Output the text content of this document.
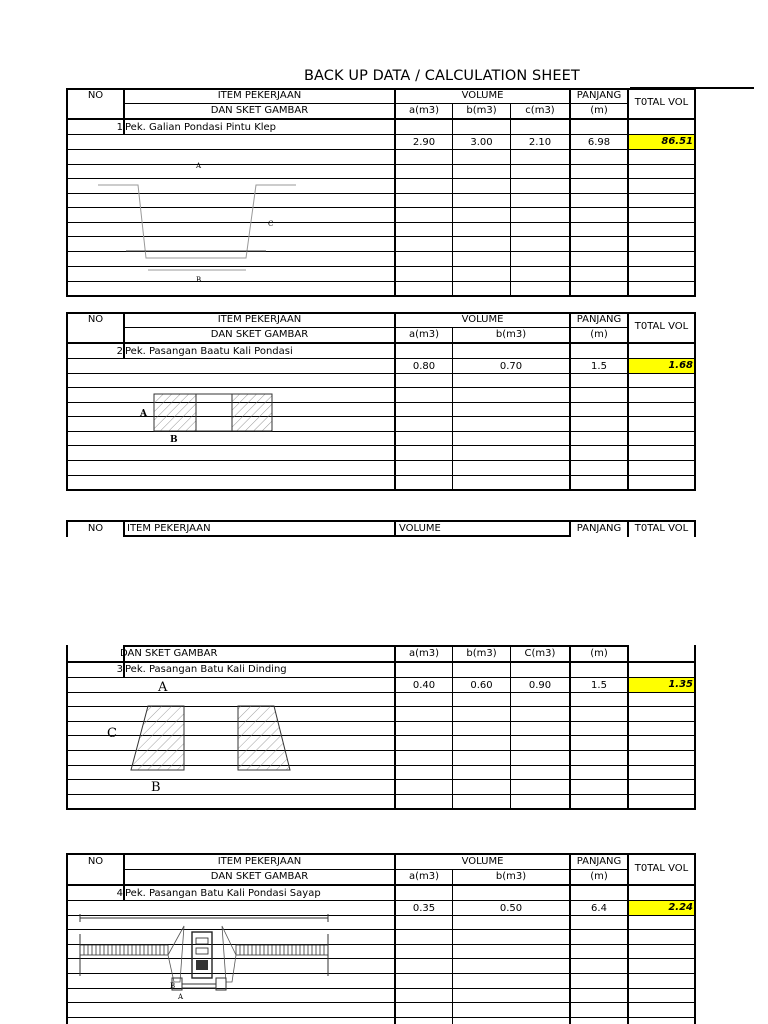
BACK UP DATA / CALCULATION SHEET
NO	ITEM PEKERJAAN
DAN SKET GAMBAR
VOLUME
a(m3)	b(m3)	c(m3)
PANJANG
(m)
T0TAL VOL
1 Pek. Galian Pondasi Pintu Klep
2.90	3.00	2.10	6.98	86.51
A
C
B
NO	ITEM PEKERJAAN
DAN SKET GAMBAR
VOLUME
a(m3)	b(m3)
PANJANG
(m)
T0TAL VOL
2 Pek. Pasangan Baatu Kali Pondasi
0.80	0.70	1.5	1.68
A
B
NO	ITEM PEKERJAAN	VOLUME	PANJANG	T0TAL VOL
DAN SKET GAMBAR	a(m3)	b(m3)	C(m3)	(m)
3 Pek. Pasangan Batu Kali Dinding
0.40	0.60	0.90	1.5	1.35
A
C
B
NO	ITEM PEKERJAAN
DAN SKET GAMBAR
VOLUME
a(m3)	b(m3)
PANJANG
(m)
T0TAL VOL
4 Pek. Pasangan Batu Kali Pondasi Sayap
0.35	0.50	6.4	2.24
B
A
